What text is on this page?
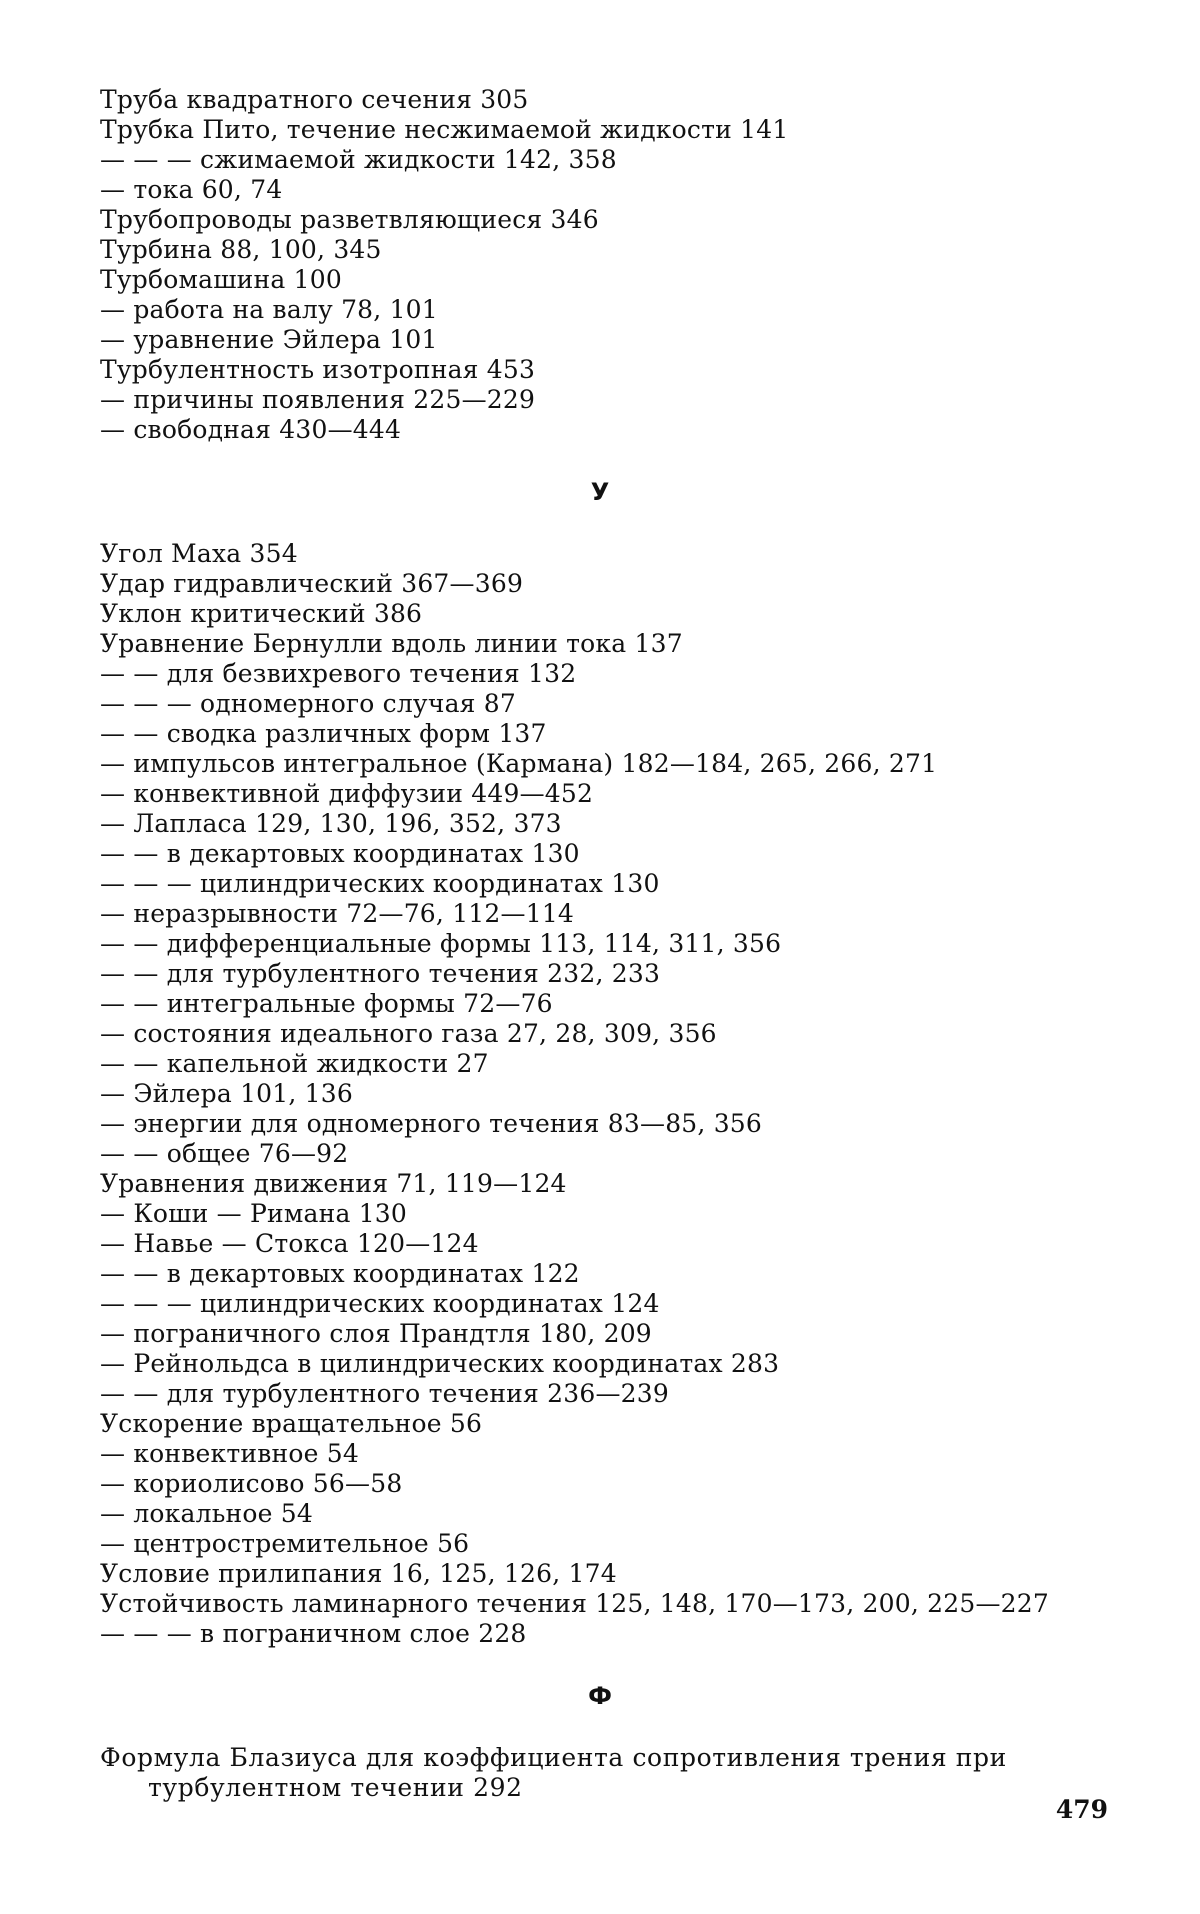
Труба квадратного сечения 305
Трубка Пито, течение несжимаемой жидкости 141
— — — сжимаемой жидкости 142, 358
— тока 60, 74
Трубопроводы разветвляющиеся 346
Турбина 88, 100, 345
Турбомашина 100
— работа на валу 78, 101
— уравнение Эйлера 101
Турбулентность изотропная 453
— причины появления 225—229
— свободная 430—444
У
Угол Маха 354
Удар гидравлический 367—369
Уклон критический 386
Уравнение Бернулли вдоль линии тока 137
— — для безвихревого течения 132
— — — одномерного случая 87
— — сводка различных форм 137
— импульсов интегральное (Кармана) 182—184, 265, 266, 271
— конвективной диффузии 449—452
— Лапласа 129, 130, 196, 352, 373
— — в декартовых координатах 130
— — — цилиндрических координатах 130
— неразрывности 72—76, 112—114
— — дифференциальные формы 113, 114, 311, 356
— — для турбулентного течения 232, 233
— — интегральные формы 72—76
— состояния идеального газа 27, 28, 309, 356
— — капельной жидкости 27
— Эйлера 101, 136
— энергии для одномерного течения 83—85, 356
— — общее 76—92
Уравнения движения 71, 119—124
— Коши — Римана 130
— Навье — Стокса 120—124
— — в декартовых координатах 122
— — — цилиндрических координатах 124
— пограничного слоя Прандтля 180, 209
— Рейнольдса в цилиндрических координатах 283
— — для турбулентного течения 236—239
Ускорение вращательное 56
— конвективное 54
— кориолисово 56—58
— локальное 54
— центростремительное 56
Условие прилипания 16, 125, 126, 174
Устойчивость ламинарного течения 125, 148, 170—173, 200, 225—227
— — — в пограничном слое 228
Ф
Формула Блазиуса для коэффициента сопротивления трения при
турбулентном течении 292
479
